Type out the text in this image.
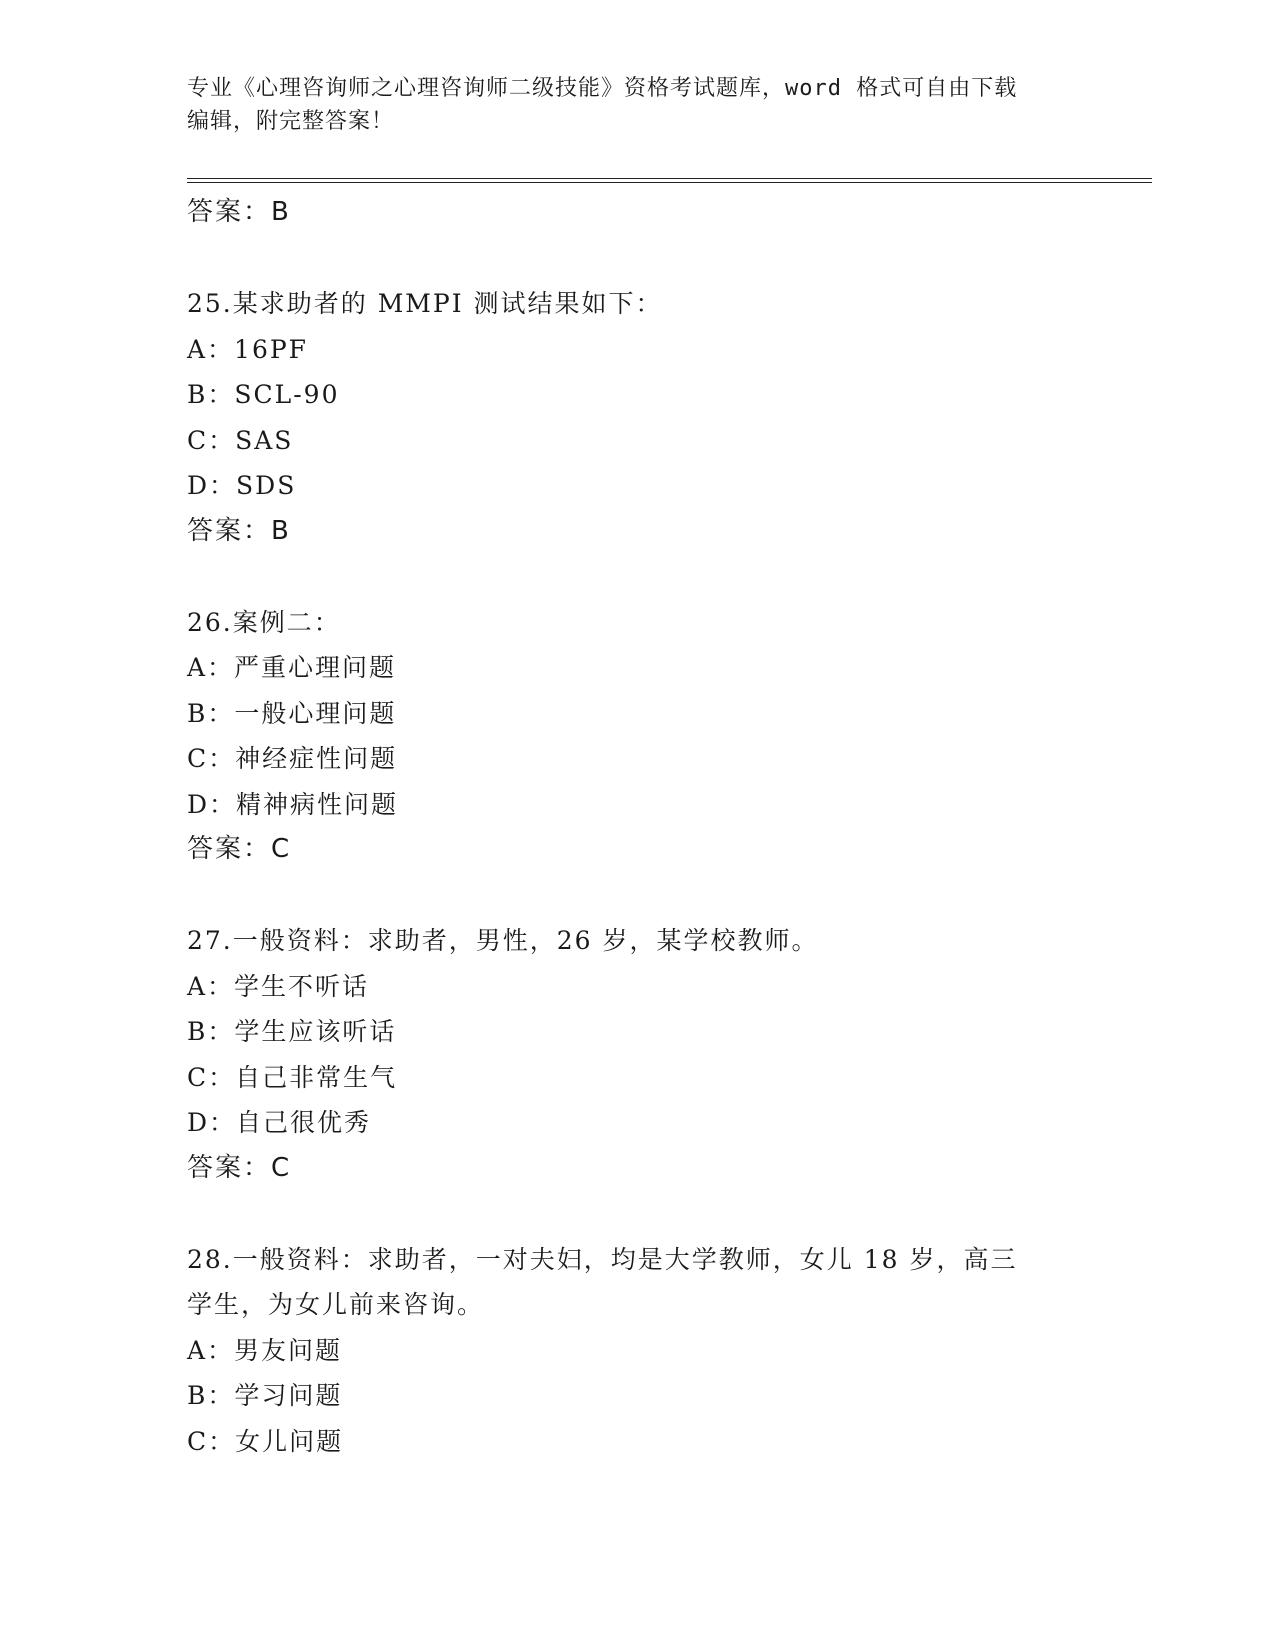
专业《心理咨询师之心理咨询师二级技能》资格考试题库，word 格式可自由下载
编辑，附完整答案！
答案：B
25.某求助者的 MMPI 测试结果如下：
A：16PF
B：SCL-90
C：SAS
D：SDS
答案：B
26.案例二：
A：严重心理问题
B：一般心理问题
C：神经症性问题
D：精神病性问题
答案：C
27.一般资料：求助者，男性，26 岁，某学校教师。
A：学生不听话
B：学生应该听话
C：自己非常生气
D：自己很优秀
答案：C
28.一般资料：求助者，一对夫妇，均是大学教师，女儿 18 岁，高三
学生，为女儿前来咨询。
A：男友问题
B：学习问题
C：女儿问题
